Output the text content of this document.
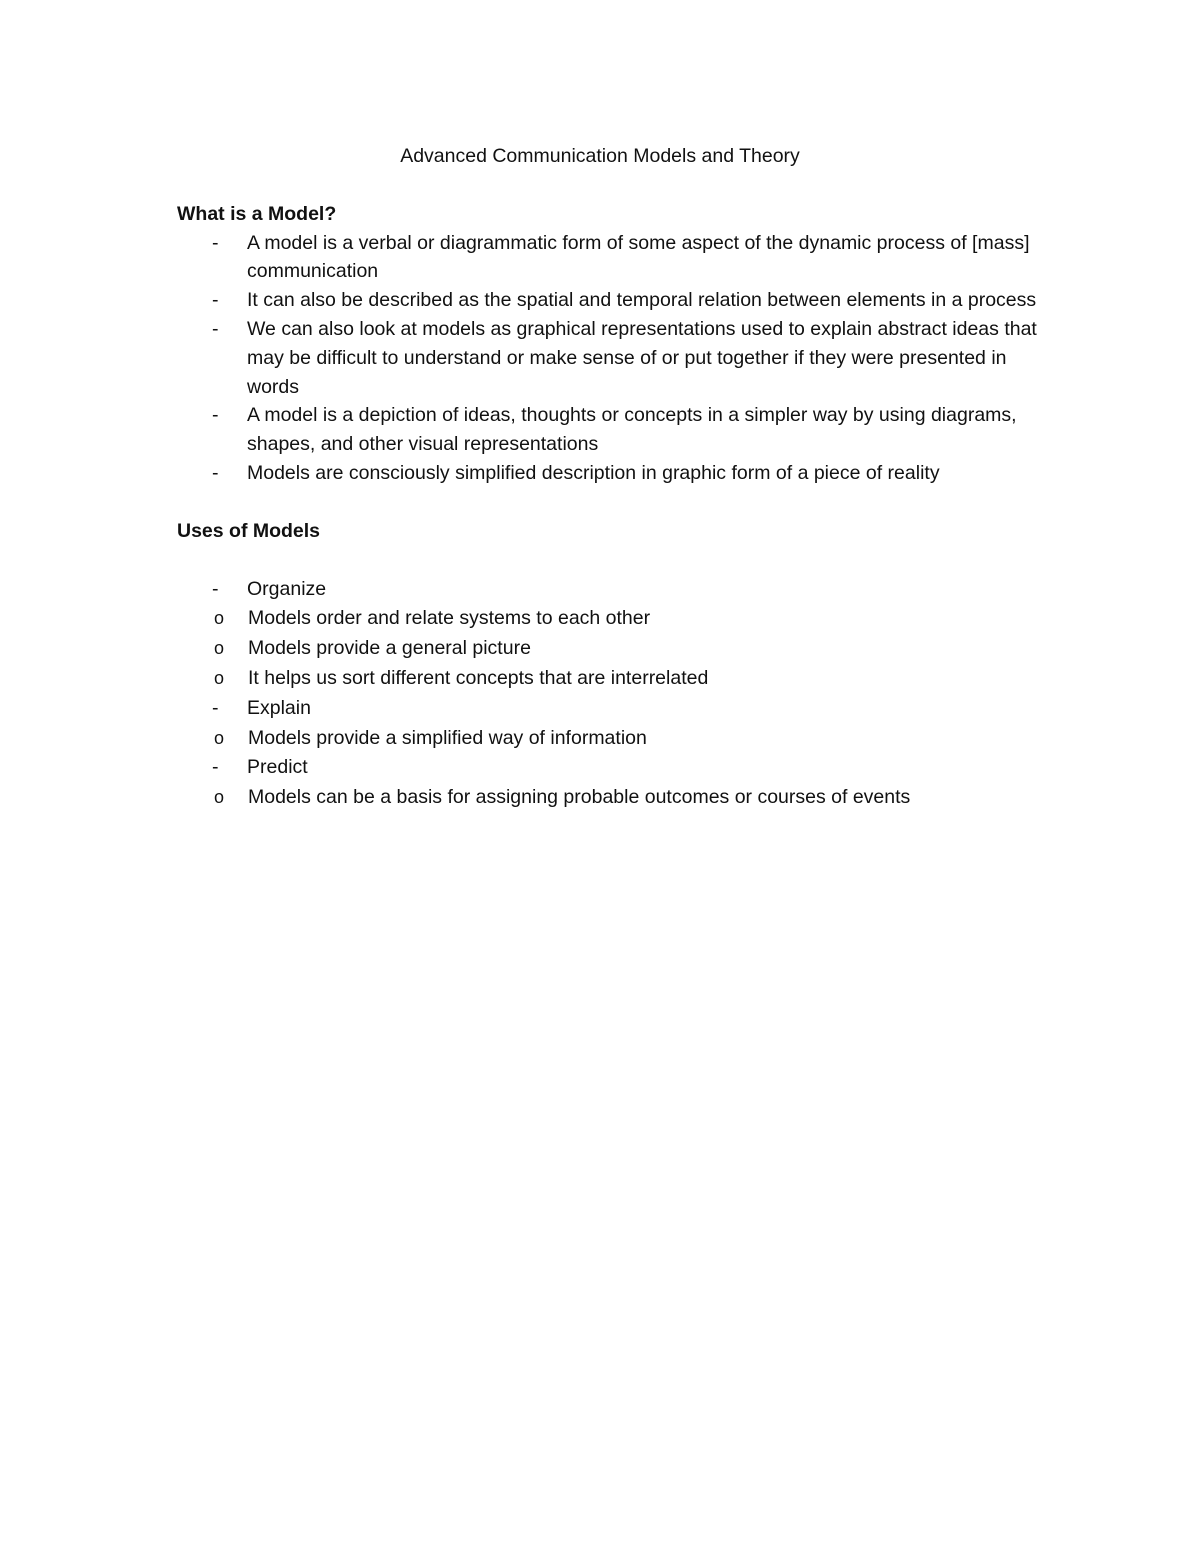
Advanced Communication Models and Theory
What is a Model?
- A model is a verbal or diagrammatic form of some aspect of the dynamic process of [mass] communication
- It can also be described as the spatial and temporal relation between elements in a process
- We can also look at models as graphical representations used to explain abstract ideas that may be difficult to understand or make sense of or put together if they were presented in words
- A model is a depiction of ideas, thoughts or concepts in a simpler way by using diagrams, shapes, and other visual representations
- Models are consciously simplified description in graphic form of a piece of reality
Uses of Models
- Organize
o Models order and relate systems to each other
o Models provide a general picture
o It helps us sort different concepts that are interrelated
- Explain
o Models provide a simplified way of information
- Predict
o Models can be a basis for assigning probable outcomes or courses of events
